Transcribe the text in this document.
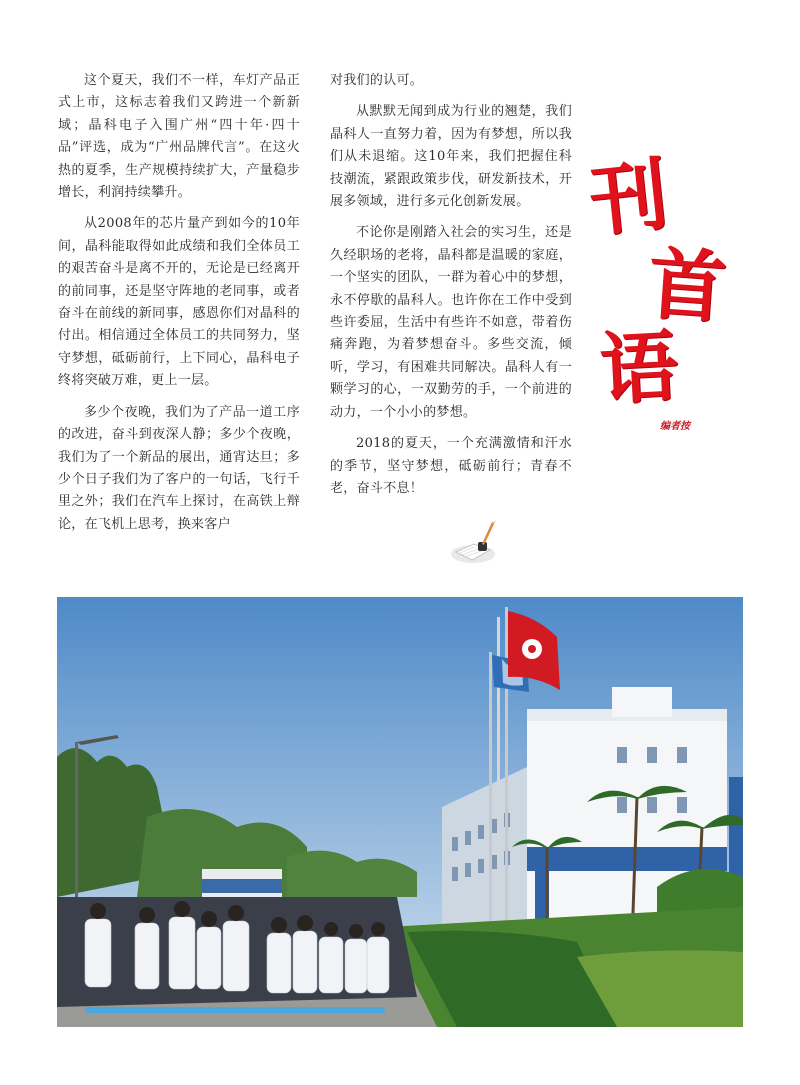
这个夏天，我们不一样，车灯产品正式上市，这标志着我们又跨进一个新新域；晶科电子入围广州“四十年·四十品”评选，成为“广州品牌代言”。在这火热的夏季，生产规模持续扩大，产量稳步增长，利润持续攀升。

从2008年的芯片量产到如今的10年间，晶科能取得如此成绩和我们全体员工的艰苦奋斗是离不开的，无论是已经离开的前同事，还是坚守阵地的老同事，或者奋斗在前线的新同事，感恩你们对晶科的付出。相信通过全体员工的共同努力，坚守梦想，砥砺前行，上下同心，晶科电子终将突破万难，更上一层。

多少个夜晚，我们为了产品一道工序的改进，奋斗到夜深人静；多少个夜晚，我们为了一个新品的展出，通宵达旦；多少个日子我们为了客户的一句话，飞行千里之外；我们在汽车上探讨，在高铁上辩论，在飞机上思考，换来客户

对我们的认可。

从默默无闻到成为行业的翘楚，我们晶科人一直努力着，因为有梦想，所以我们从未退缩。这10年来，我们把握住科技潮流，紧跟政策步伐，研发新技术，开展多领域，进行多元化创新发展。

不论你是刚踏入社会的实习生，还是久经职场的老将，晶科都是温暖的家庭，一个坚实的团队，一群为着心中的梦想，永不停歇的晶科人。也许你在工作中受到些许委屈，生活中有些许不如意，带着伤痛奔跑，为着梦想奋斗。多些交流，倾听，学习，有困难共同解决。晶科人有一颗学习的心，一双勤劳的手，一个前进的动力，一个小小的梦想。

2018的夏天，一个充满激情和汗水的季节，坚守梦想，砥砺前行；青春不老，奋斗不息！

刊
首
语
编者按
